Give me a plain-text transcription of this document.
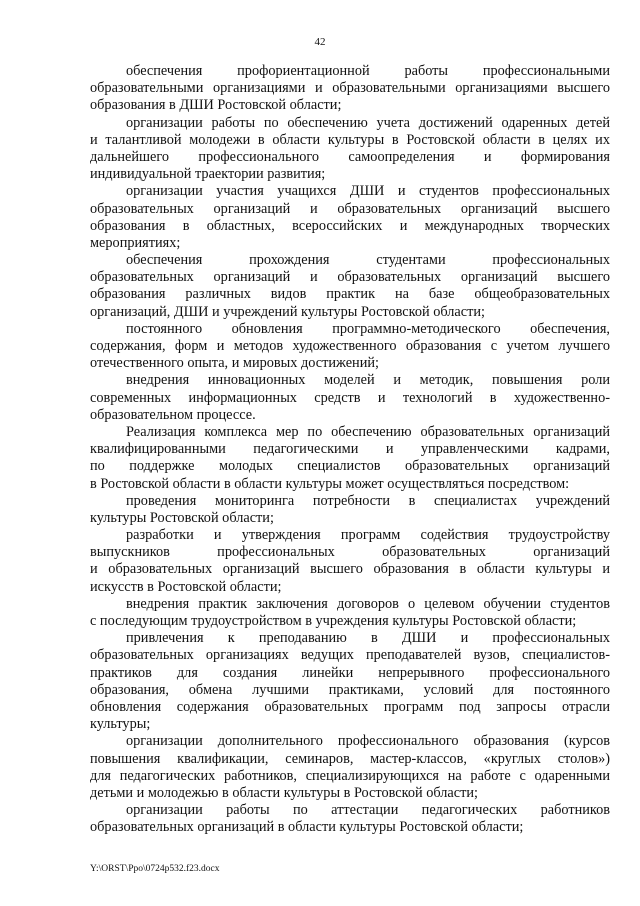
42
обеспечения профориентационной работы профессиональными
образовательными организациями и образовательными организациями высшего
образования в ДШИ Ростовской области;
организации работы по обеспечению учета достижений одаренных детей
и талантливой молодежи в области культуры в Ростовской области в целях их
дальнейшего профессионального самоопределения и формирования
индивидуальной траектории развития;
организации участия учащихся ДШИ и студентов профессиональных
образовательных организаций и образовательных организаций высшего
образования в областных, всероссийских и международных творческих
мероприятиях;
обеспечения прохождения студентами профессиональных
образовательных организаций и образовательных организаций высшего
образования различных видов практик на базе общеобразовательных
организаций, ДШИ и учреждений культуры Ростовской области;
постоянного обновления программно-методического обеспечения,
содержания, форм и методов художественного образования с учетом лучшего
отечественного опыта, и мировых достижений;
внедрения инновационных моделей и методик, повышения роли
современных информационных средств и технологий в художественно-
образовательном процессе.
Реализация комплекса мер по обеспечению образовательных организаций
квалифицированными педагогическими и управленческими кадрами,
по поддержке молодых специалистов образовательных организаций
в Ростовской области в области культуры может осуществляться посредством:
проведения мониторинга потребности в специалистах учреждений
культуры Ростовской области;
разработки и утверждения программ содействия трудоустройству
выпускников профессиональных образовательных организаций
и образовательных организаций высшего образования в области культуры и
искусств в Ростовской области;
внедрения практик заключения договоров о целевом обучении студентов
с последующим трудоустройством в учреждения культуры Ростовской области;
привлечения к преподаванию в ДШИ и профессиональных
образовательных организациях ведущих преподавателей вузов, специалистов-
практиков для создания линейки непрерывного профессионального
образования, обмена лучшими практиками, условий для постоянного
обновления содержания образовательных программ под запросы отрасли
культуры;
организации дополнительного профессионального образования (курсов
повышения квалификации, семинаров, мастер-классов, «круглых столов»)
для педагогических работников, специализирующихся на работе с одаренными
детьми и молодежью в области культуры в Ростовской области;
организации работы по аттестации педагогических работников
образовательных организаций в области культуры Ростовской области;
Y:\ORST\Ppo\0724p532.f23.docx
